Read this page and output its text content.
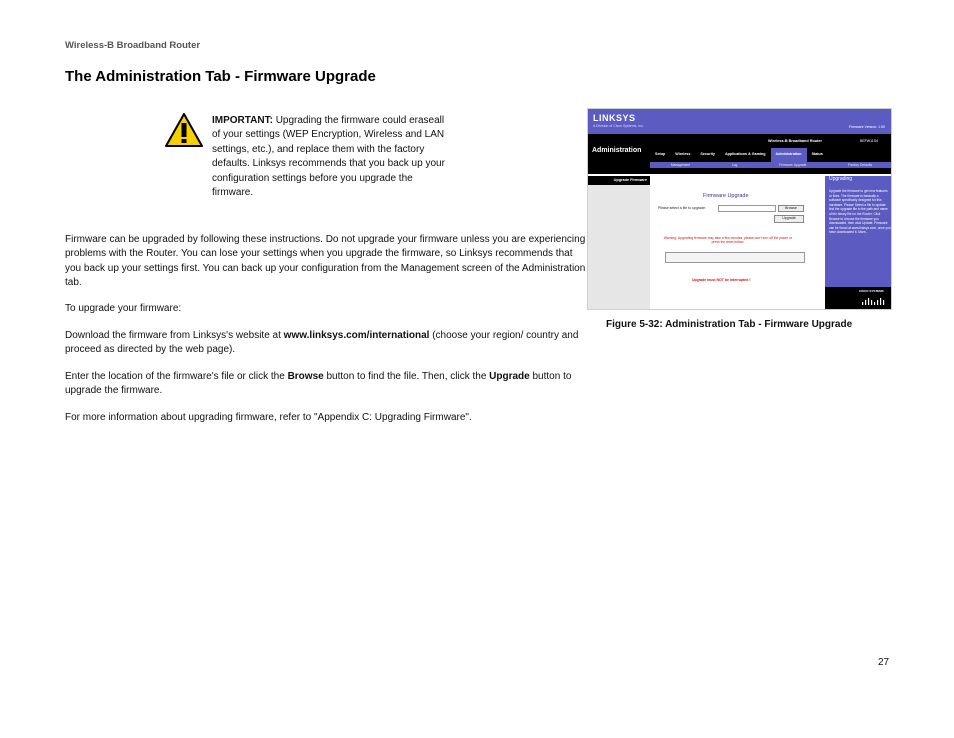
Wireless-B Broadband Router
The Administration Tab - Firmware Upgrade
IMPORTANT: Upgrading the firmware could eraseall of your settings (WEP Encryption, Wireless and LAN settings, etc.), and replace them with the factory defaults. Linksys recommends that you back up your configuration settings before you upgrade the firmware.
Firmware can be upgraded by following these instructions. Do not upgrade your firmware unless you are experiencing problems with the Router. You can lose your settings when you upgrade the firmware, so Linksys recommends that you back up your settings first. You can back up your configuration from the Management screen of the Administration tab.
To upgrade your firmware:
Download the firmware from Linksys's website at www.linksys.com/international (choose your region/ country and proceed as directed by the web page).
Enter the location of the firmware's file or click the Browse button to find the file. Then, click the Upgrade button to upgrade the firmware.
For more information about upgrading firmware, refer to "Appendix C: Upgrading Firmware".
LINKSYS
A Division of Cisco Systems, Inc.	Firmware Version: 1.50
Administration
Wireless-B Broadband Router	BEFW11S4
Setup	Wireless	Security	Applications & Gaming	Administration	Status
Management	Log	Firmware Upgrade	Factory Defaults
Upgrade Firmware
Firmware Upgrade
Please select a file to upgrade:	Browse
Upgrade
Warning: Upgrading firmware may take a few minutes, please don't turn off the power or press the reset button.
Upgrade must NOT be interrupted !
Upgrading
Upgrade the firmware to get new features or fixes. The firmware is basically a software specifically designed for this hardware. Please Select a file to update: find the upgrade file in the path and name of the binary file for the Router. Click Browse to choose the firmware you downloaded, then click Update. Firmware can be found at www.linksys.com, once you have downloaded it. More...
CISCO SYSTEMS
Figure 5-32: Administration Tab - Firmware Upgrade
27
